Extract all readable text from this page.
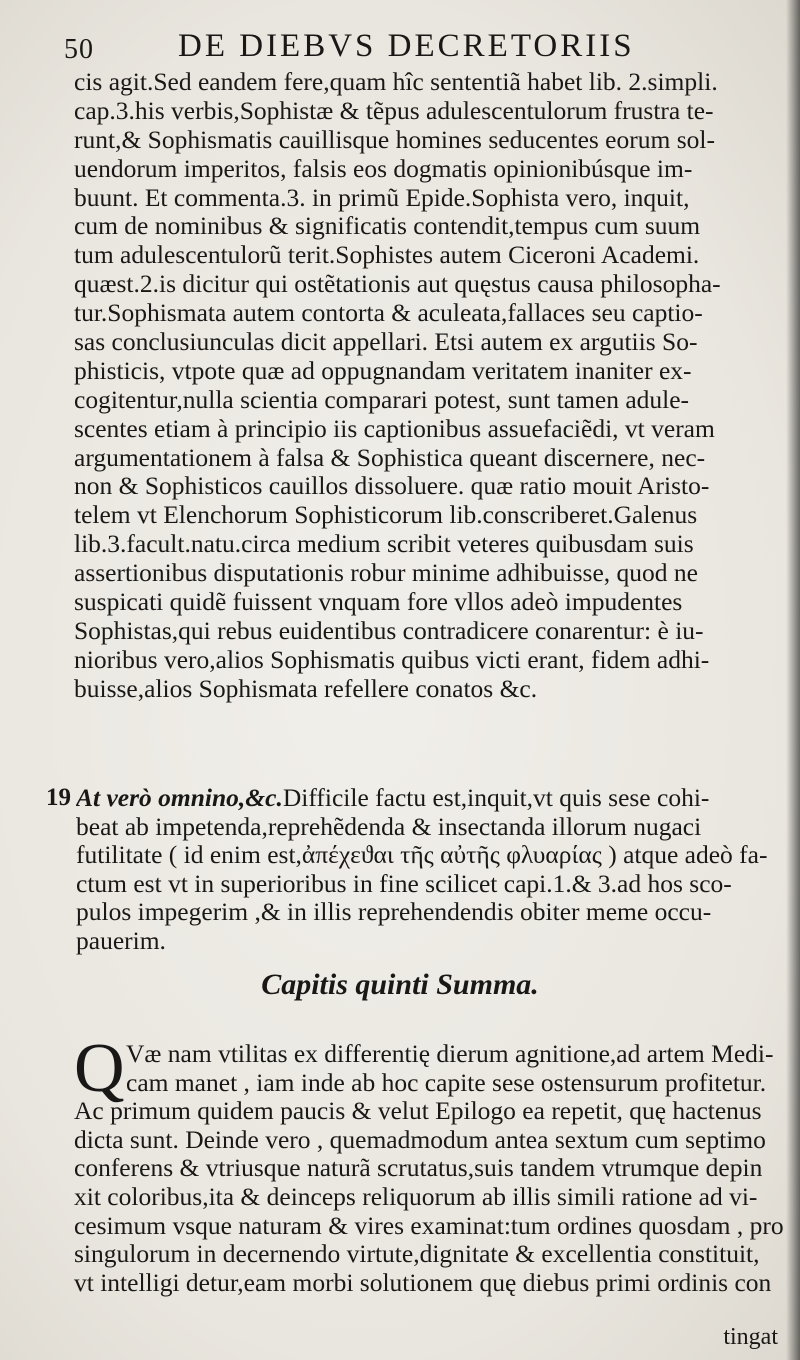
50	DE DIEBVS DECRETORIIS
cis agit.Sed eandem fere,quam hîc sententiã habet lib. 2.simpli.
cap.3.his verbis,Sophistæ & tẽpus adulescentulorum frustra te-
runt,& Sophismatis cauillisque homines seducentes eorum sol-
uendorum imperitos, falsis eos dogmatis opinionibúsque im-
buunt. Et commenta.3. in primũ Epide.Sophista vero, inquit,
cum de nominibus & significatis contendit,tempus cum suum
tum adulescentulorũ terit.Sophistes autem Ciceroni Academi.
quæst.2.is dicitur qui ostẽtationis aut quęstus causa philosopha-
tur.Sophismata autem contorta & aculeata,fallaces seu captio-
sas conclusiunculas dicit appellari. Etsi autem ex argutiis So-
phisticis, vtpote quæ ad oppugnandam veritatem inaniter ex-
cogitentur,nulla scientia comparari potest, sunt tamen adule-
scentes etiam à principio iis captionibus assuefaciẽdi, vt veram
argumentationem à falsa & Sophistica queant discernere, nec-
non & Sophisticos cauillos dissoluere. quæ ratio mouit Aristo-
telem vt Elenchorum Sophisticorum lib.conscriberet.Galenus
lib.3.facult.natu.circa medium scribit veteres quibusdam suis
assertionibus disputationis robur minime adhibuisse, quod ne
suspicati quidẽ fuissent vnquam fore vllos adeò impudentes
Sophistas,qui rebus euidentibus contradicere conarentur: è iu-
nioribus vero,alios Sophismatis quibus victi erant, fidem adhi-
buisse,alios Sophismata refellere conatos &c.
19 At verò omnino,&c.Difficile factu est,inquit,vt quis sese cohi-
beat ab impetenda,reprehẽdenda & insectanda illorum nugaci
futilitate ( id enim est,ἀπέχεϑαι τῆς αὐτῆς φλυαρίας ) atque adeò fa-
ctum est vt in superioribus in fine scilicet capi.1.& 3.ad hos sco-
pulos impegerim ,& in illis reprehendendis obiter meme occu-
pauerim.
Capitis quinti Summa.
Q Væ nam vtilitas ex differentię dierum agnitione,ad artem Medi-
cam manet , iam inde ab hoc capite sese ostensurum profitetur.
Ac primum quidem paucis & velut Epilogo ea repetit, quę hactenus
dicta sunt. Deinde vero , quemadmodum antea sextum cum septimo
conferens & vtriusque naturã scrutatus,suis tandem vtrumque depin
xit coloribus,ita & deinceps reliquorum ab illis simili ratione ad vi-
cesimum vsque naturam & vires examinat:tum ordines quosdam , pro
singulorum in decernendo virtute,dignitate & excellentia constituit,
vt intelligi detur,eam morbi solutionem quę diebus primi ordinis con
tingat
